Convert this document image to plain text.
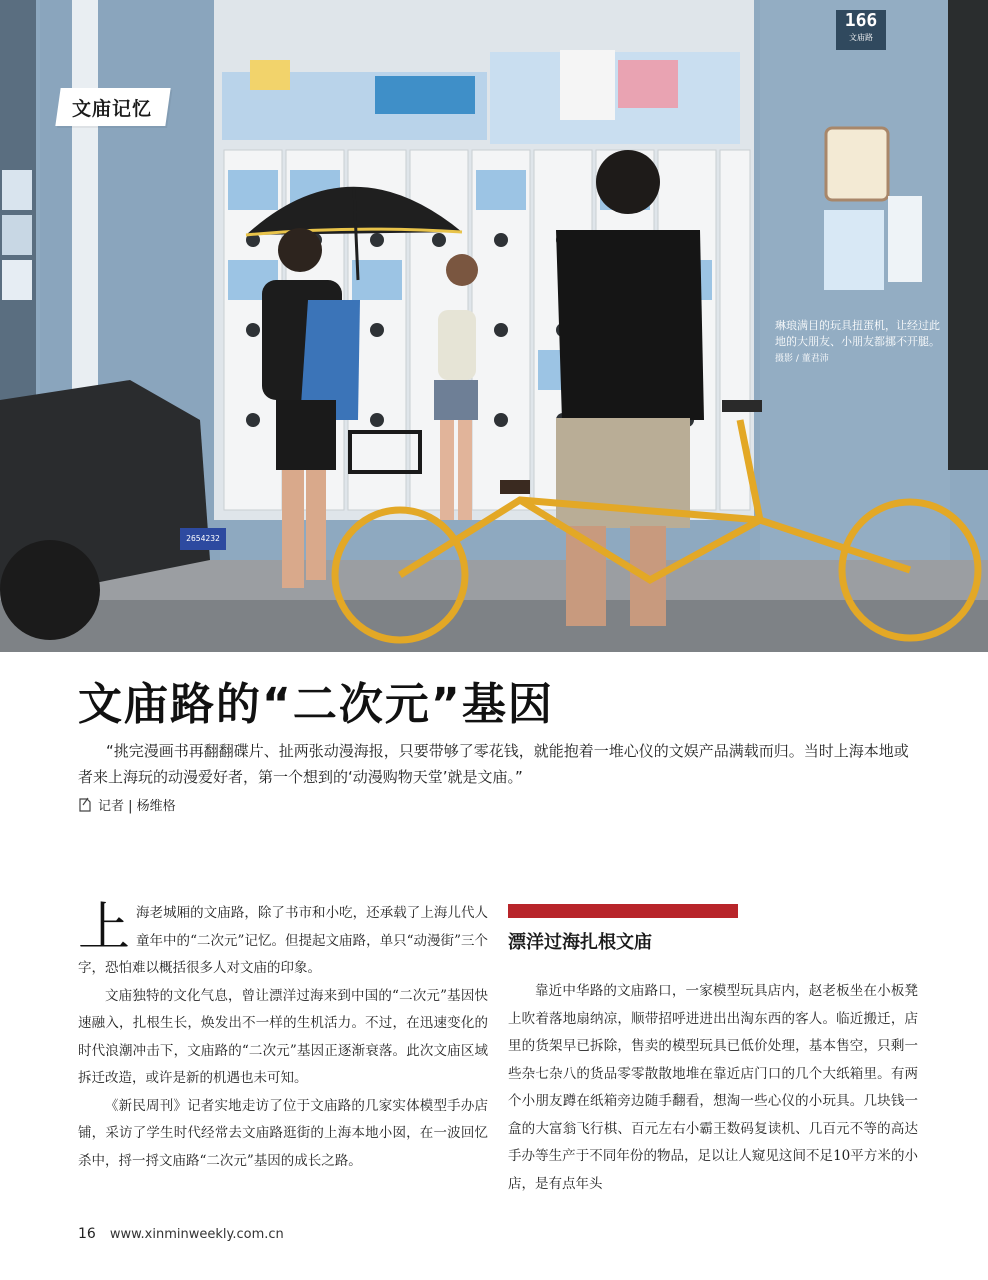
166
文庙路
2654232
文庙记忆
琳琅满目的玩具扭蛋机，让经过此地的大朋友、小朋友都挪不开腿。 摄影 / 董君沛
文庙路的“二次元”基因

“挑完漫画书再翻翻碟片、扯两张动漫海报，只要带够了零花钱，就能抱着一堆心仪的文娱产品满载而归。当时上海本地或者来上海玩的动漫爱好者，第一个想到的‘动漫购物天堂’就是文庙。”

记者 | 杨维格

上海老城厢的文庙路，除了书市和小吃，还承载了上海儿代人童年中的“二次元”记忆。但提起文庙路，单只“动漫街”三个字，恐怕难以概括很多人对文庙的印象。

文庙独特的文化气息，曾让漂洋过海来到中国的“二次元”基因快速融入，扎根生长，焕发出不一样的生机活力。不过，在迅速变化的时代浪潮冲击下，文庙路的“二次元”基因正逐渐衰落。此次文庙区域拆迁改造，或许是新的机遇也未可知。

《新民周刊》记者实地走访了位于文庙路的几家实体模型手办店铺，采访了学生时代经常去文庙路逛街的上海本地小囡，在一波回忆杀中，捋一捋文庙路“二次元”基因的成长之路。

漂洋过海扎根文庙

靠近中华路的文庙路口，一家模型玩具店内，赵老板坐在小板凳上吹着落地扇纳凉，顺带招呼进进出出淘东西的客人。临近搬迁，店里的货架早已拆除，售卖的模型玩具已低价处理，基本售空，只剩一些杂七杂八的货品零零散散地堆在靠近店门口的几个大纸箱里。有两个小朋友蹲在纸箱旁边随手翻看，想淘一些心仪的小玩具。几块钱一盒的大富翁飞行棋、百元左右小霸王数码复读机、几百元不等的高达手办等生产于不同年份的物品，足以让人窥见这间不足10平方米的小店，是有点年头

16 www.xinminweekly.com.cn
